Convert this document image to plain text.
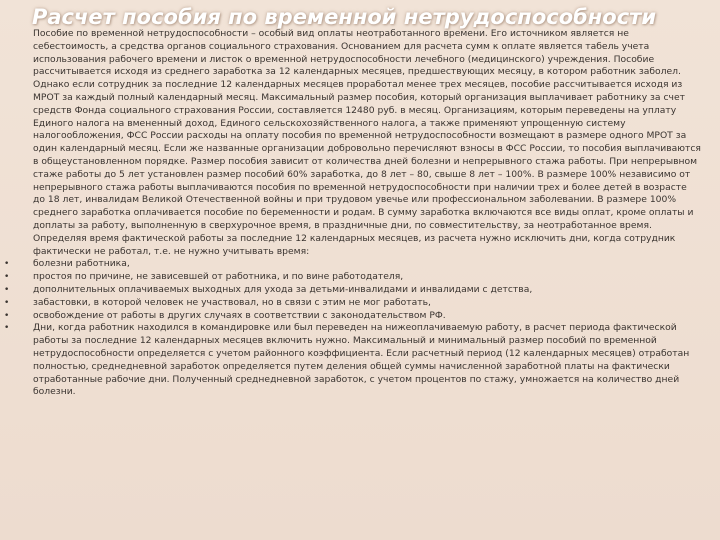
Расчет пособия по временной нетрудоспособности

Пособие по временной нетрудоспособности – особый вид оплаты неотработанного времени. Его источником является не себестоимость, а средства органов социального страхования. Основанием для расчета сумм к оплате является табель учета использования рабочего времени и листок о временной нетрудоспособности лечебного (медицинского) учреждения. Пособие рассчитывается исходя из среднего заработка за 12 календарных месяцев, предшествующих месяцу, в котором работник заболел. Однако если сотрудник за последние 12 календарных месяцев проработал менее трех месяцев, пособие рассчитывается исходя из МРОТ за каждый полный календарный месяц. Максимальный размер пособия, который организация выплачивает работнику за счет средств Фонда социального страхования России, составляется 12480 руб. в месяц. Организациям, которым переведены на уплату Единого налога на вмененный доход, Единого сельскохозяйственного налога, а также применяют упрощенную систему налогообложения, ФСС России расходы на оплату пособия по временной нетрудоспособности возмещают в размере одного МРОТ за один календарный месяц. Если же названные организации добровольно перечисляют взносы в ФСС России, то пособия выплачиваются в общеустановленном порядке. Размер пособия зависит от количества дней болезни и непрерывного стажа работы. При непрерывном стаже работы до 5 лет установлен размер пособий 60% заработка, до 8 лет – 80, свыше 8 лет – 100%. В размере 100% независимо от непрерывного стажа работы выплачиваются пособия по временной нетрудоспособности при наличии трех и более детей в возрасте до 18 лет, инвалидам Великой Отечественной войны и при трудовом увечье или профессиональном заболевании. В размере 100% среднего заработка оплачивается пособие по беременности и родам. В сумму заработка включаются все виды оплат, кроме оплаты и доплаты за работу, выполненную в сверхурочное время, в праздничные дни, по совместительству, за неотработанное время. Определяя время фактической работы за последние 12 календарных месяцев, из расчета нужно исключить дни, когда сотрудник фактически не работал, т.е. не нужно учитывать время:

• болезни работника,
• простоя по причине, не зависевшей от работника, и по вине работодателя,
• дополнительных оплачиваемых выходных для ухода за детьми-инвалидами и инвалидами с детства,
• забастовки, в которой человек не участвовал, но в связи с этим не мог работать,
• освобождение от работы в других случаях в соответствии с законодательством РФ.
• Дни, когда работник находился в командировке или был переведен на нижеоплачиваемую работу, в расчет периода фактической работы за последние 12 календарных месяцев включить нужно. Максимальный и минимальный размер пособий по временной нетрудоспособности определяется с учетом районного коэффициента. Если расчетный период (12 календарных месяцев) отработан полностью, среднедневной заработок определяется путем деления общей суммы начисленной заработной платы на фактически отработанные рабочие дни. Полученный среднедневной заработок, с учетом процентов по стажу, умножается на количество дней болезни.
